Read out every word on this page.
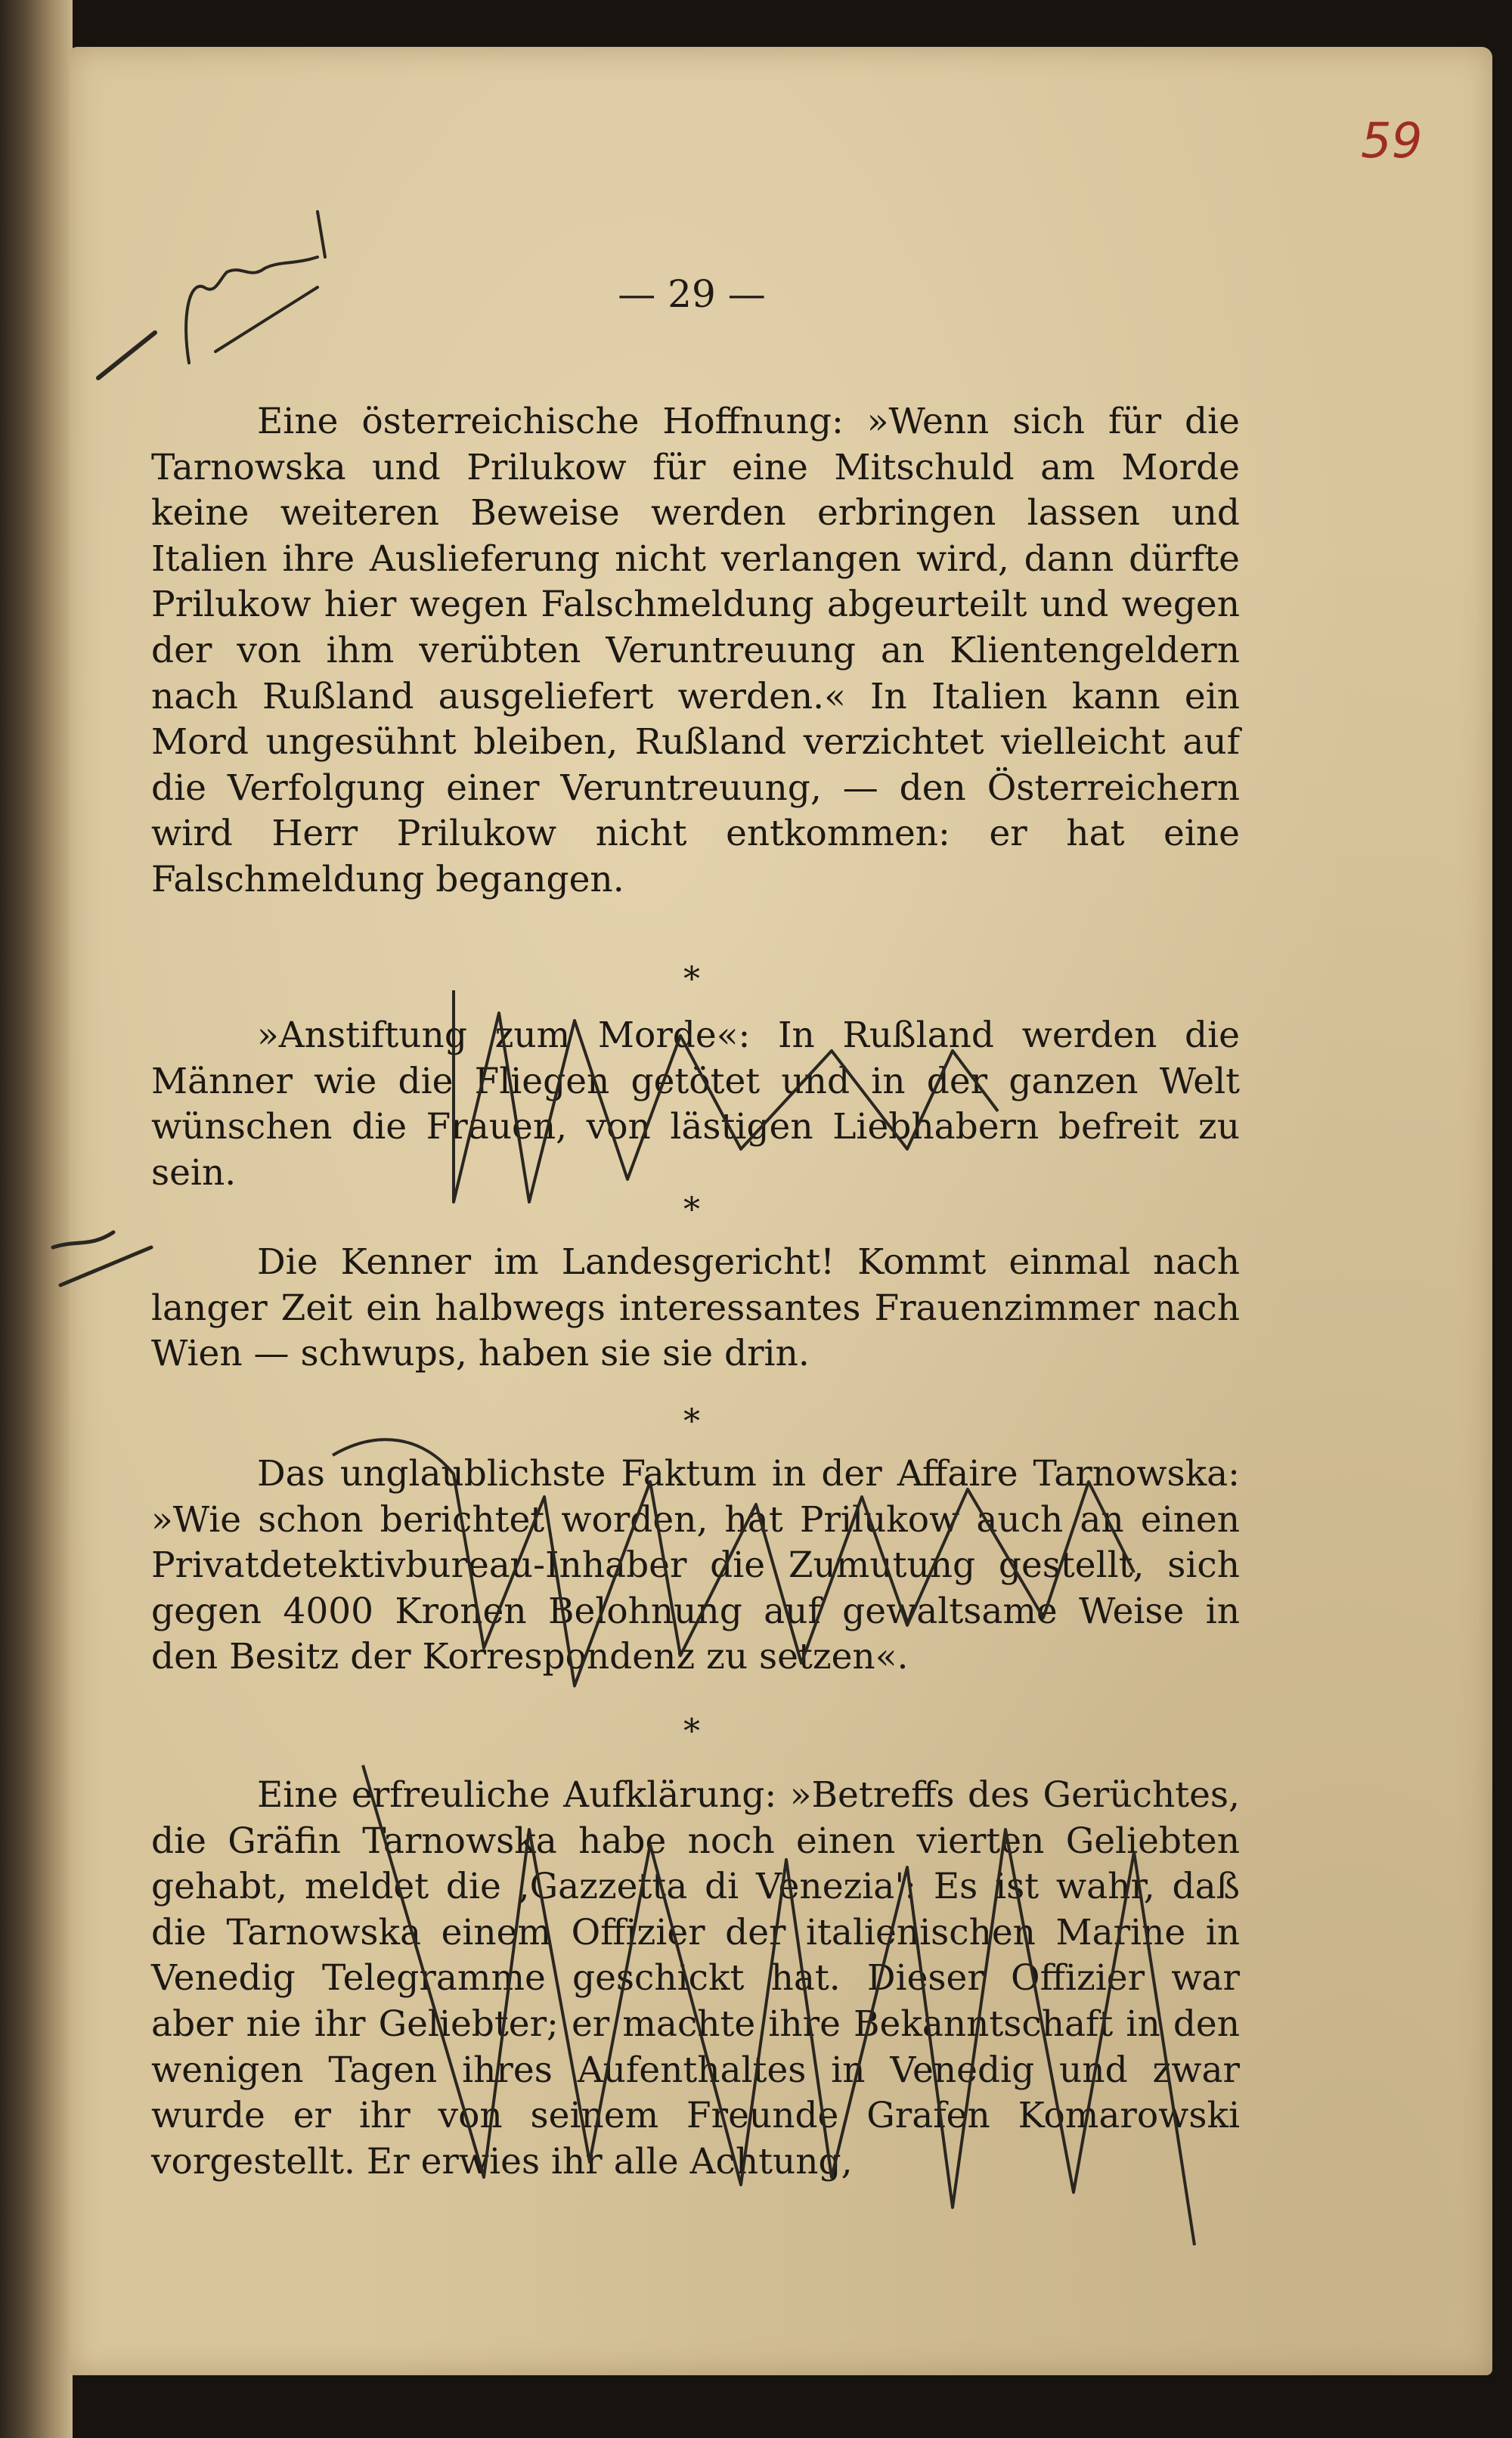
59
— 29 —

Eine österreichische Hoffnung: »Wenn sich für die Tarnowska und Prilukow für eine Mitschuld am Morde keine weiteren Beweise werden erbringen lassen und Italien ihre Auslieferung nicht verlangen wird, dann dürfte Prilukow hier wegen Falschmeldung abgeurteilt und wegen der von ihm verübten Veruntreuung an Klientengeldern nach Rußland ausgeliefert werden.« In Italien kann ein Mord ungesühnt bleiben, Rußland verzichtet vielleicht auf die Verfolgung einer Veruntreuung, — den Österreichern wird Herr Prilukow nicht entkommen: er hat eine Falschmeldung begangen.

*

»Anstiftung zum Morde«: In Rußland werden die Männer wie die Fliegen getötet und in der ganzen Welt wünschen die Frauen, von lästigen Liebhabern befreit zu sein.

*

Die Kenner im Landesgericht! Kommt einmal nach langer Zeit ein halbwegs interessantes Frauenzimmer nach Wien — schwups, haben sie sie drin.

*

Das unglaublichste Faktum in der Affaire Tarnowska: »Wie schon berichtet worden, hat Prilukow auch an einen Privatdetektivbureau-Inhaber die Zumutung gestellt, sich gegen 4000 Kronen Belohnung auf gewaltsame Weise in den Besitz der Korrespondenz zu setzen«.

*

Eine erfreuliche Aufklärung: »Betreffs des Gerüchtes, die Gräfin Tarnowska habe noch einen vierten Geliebten gehabt, meldet die ,Gazzetta di Venezia': Es ist wahr, daß die Tarnowska einem Offizier der italienischen Marine in Venedig Telegramme geschickt hat. Dieser Offizier war aber nie ihr Geliebter; er machte ihre Bekanntschaft in den wenigen Tagen ihres Aufenthaltes in Venedig und zwar wurde er ihr von seinem Freunde Grafen Komarowski vorgestellt. Er erwies ihr alle Achtung,
